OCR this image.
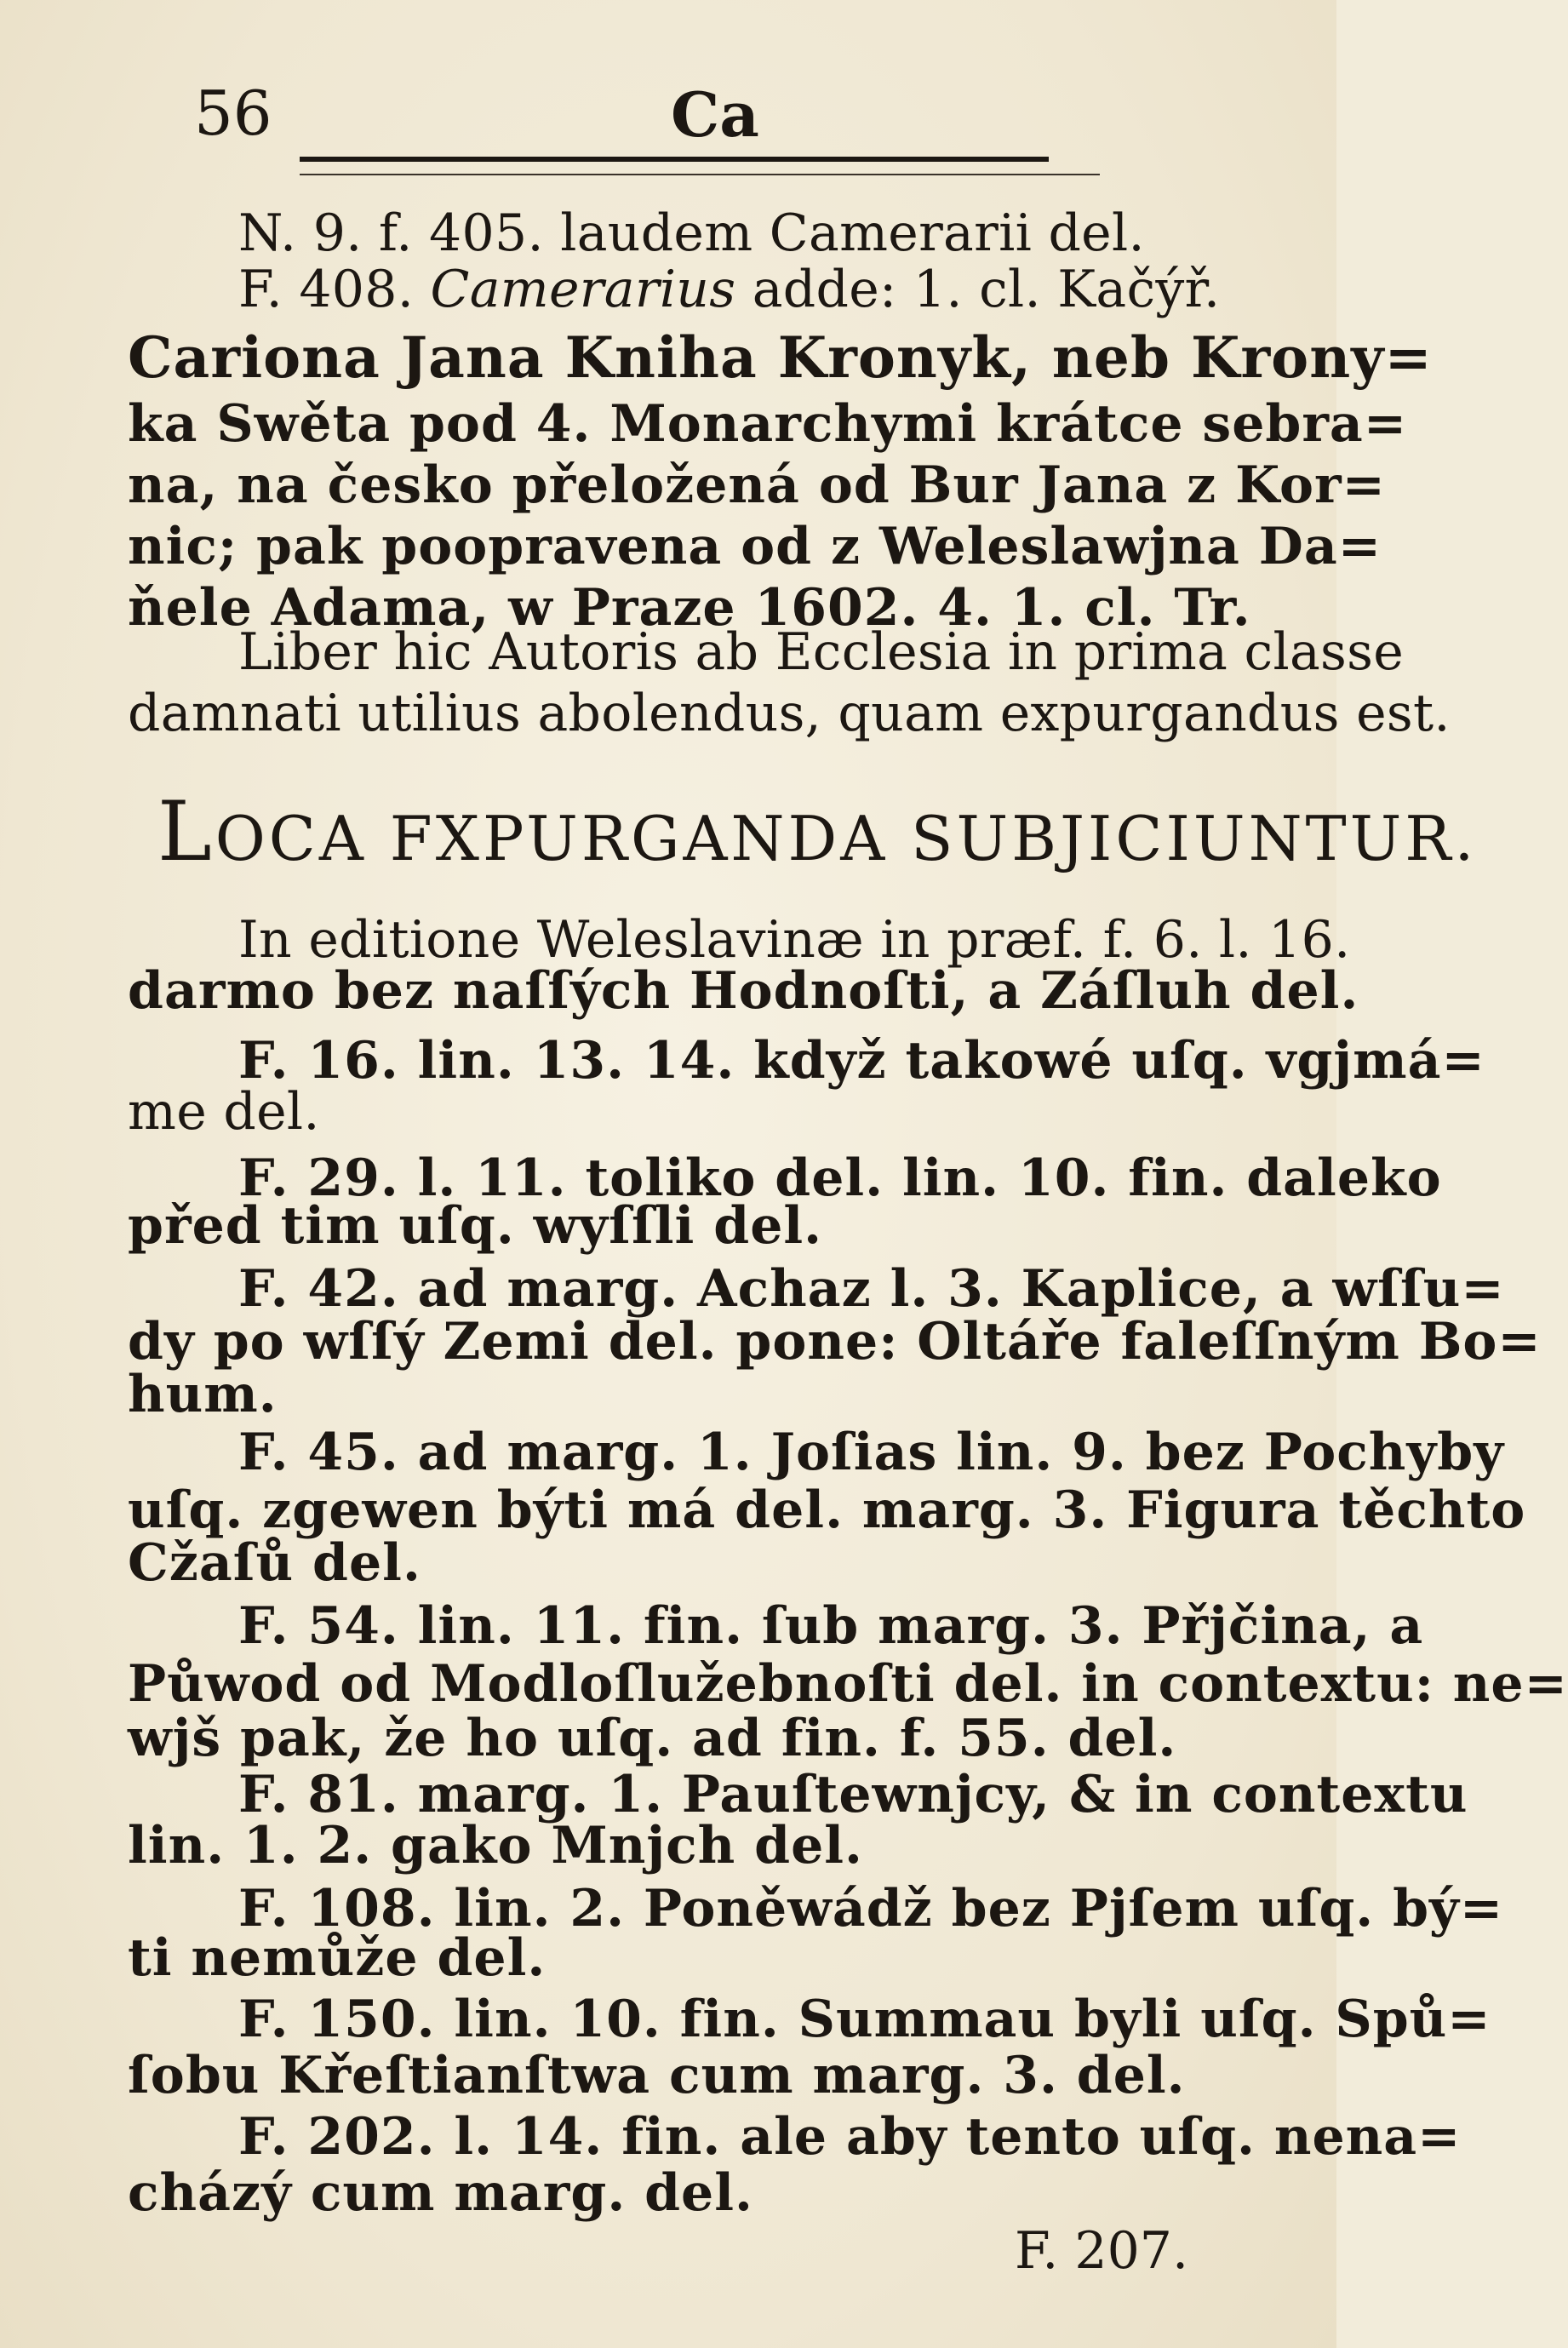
56	Ca
N. 9. f. 405. laudem Camerarii del.
F. 408. Camerarius adde: 1. cl. Kačýř.
Cariona Jana Kniha Kronyk, neb Krony=
ka Swěta pod 4. Monarchymi krátce sebra=
na, na česko přeložená od Bur Jana z Kor=
nic; pak poopravena od z Weleslawjna Da=
ňele Adama, w Praze 1602. 4. 1. cl. Tr.
Liber hic Autoris ab Ecclesia in prima classe
damnati utilius abolendus, quam expurgandus est.
LOCA FXPURGANDA SUBJICIUNTUR.
In editione Weleslavinæ in præf. f. 6. l. 16.
darmo bez naſſých Hodnoſti, a Záſluh del.
F. 16. lin. 13. 14. když takowé uſq. vgjmá=
me del.
F. 29. l. 11. toliko del. lin. 10. fin. daleko
před tim uſq. wyſſli del.
F. 42. ad marg. Achaz l. 3. Kaplice, a wſſu=
dy po wſſý Zemi del. pone: Oltáře faleſſným Bo=
hum.
F. 45. ad marg. 1. Joſias lin. 9. bez Pochyby
uſq. zgewen býti má del. marg. 3. Figura těchto
Cžaſů del.
F. 54. lin. 11. fin. ſub marg. 3. Přjčina, a
Půwod od Modloſlužebnoſti del. in contextu: ne=
wjš pak, že ho uſq. ad fin. f. 55. del.
F. 81. marg. 1. Pauſtewnjcy, & in contextu
lin. 1. 2. gako Mnjch del.
F. 108. lin. 2. Poněwádž bez Pjſem uſq. bý=
ti nemůže del.
F. 150. lin. 10. fin. Summau byli uſq. Spů=
ſobu Křeſtianſtwa cum marg. 3. del.
F. 202. l. 14. fin. ale aby tento uſq. nena=
cházý cum marg. del.
F. 207.
